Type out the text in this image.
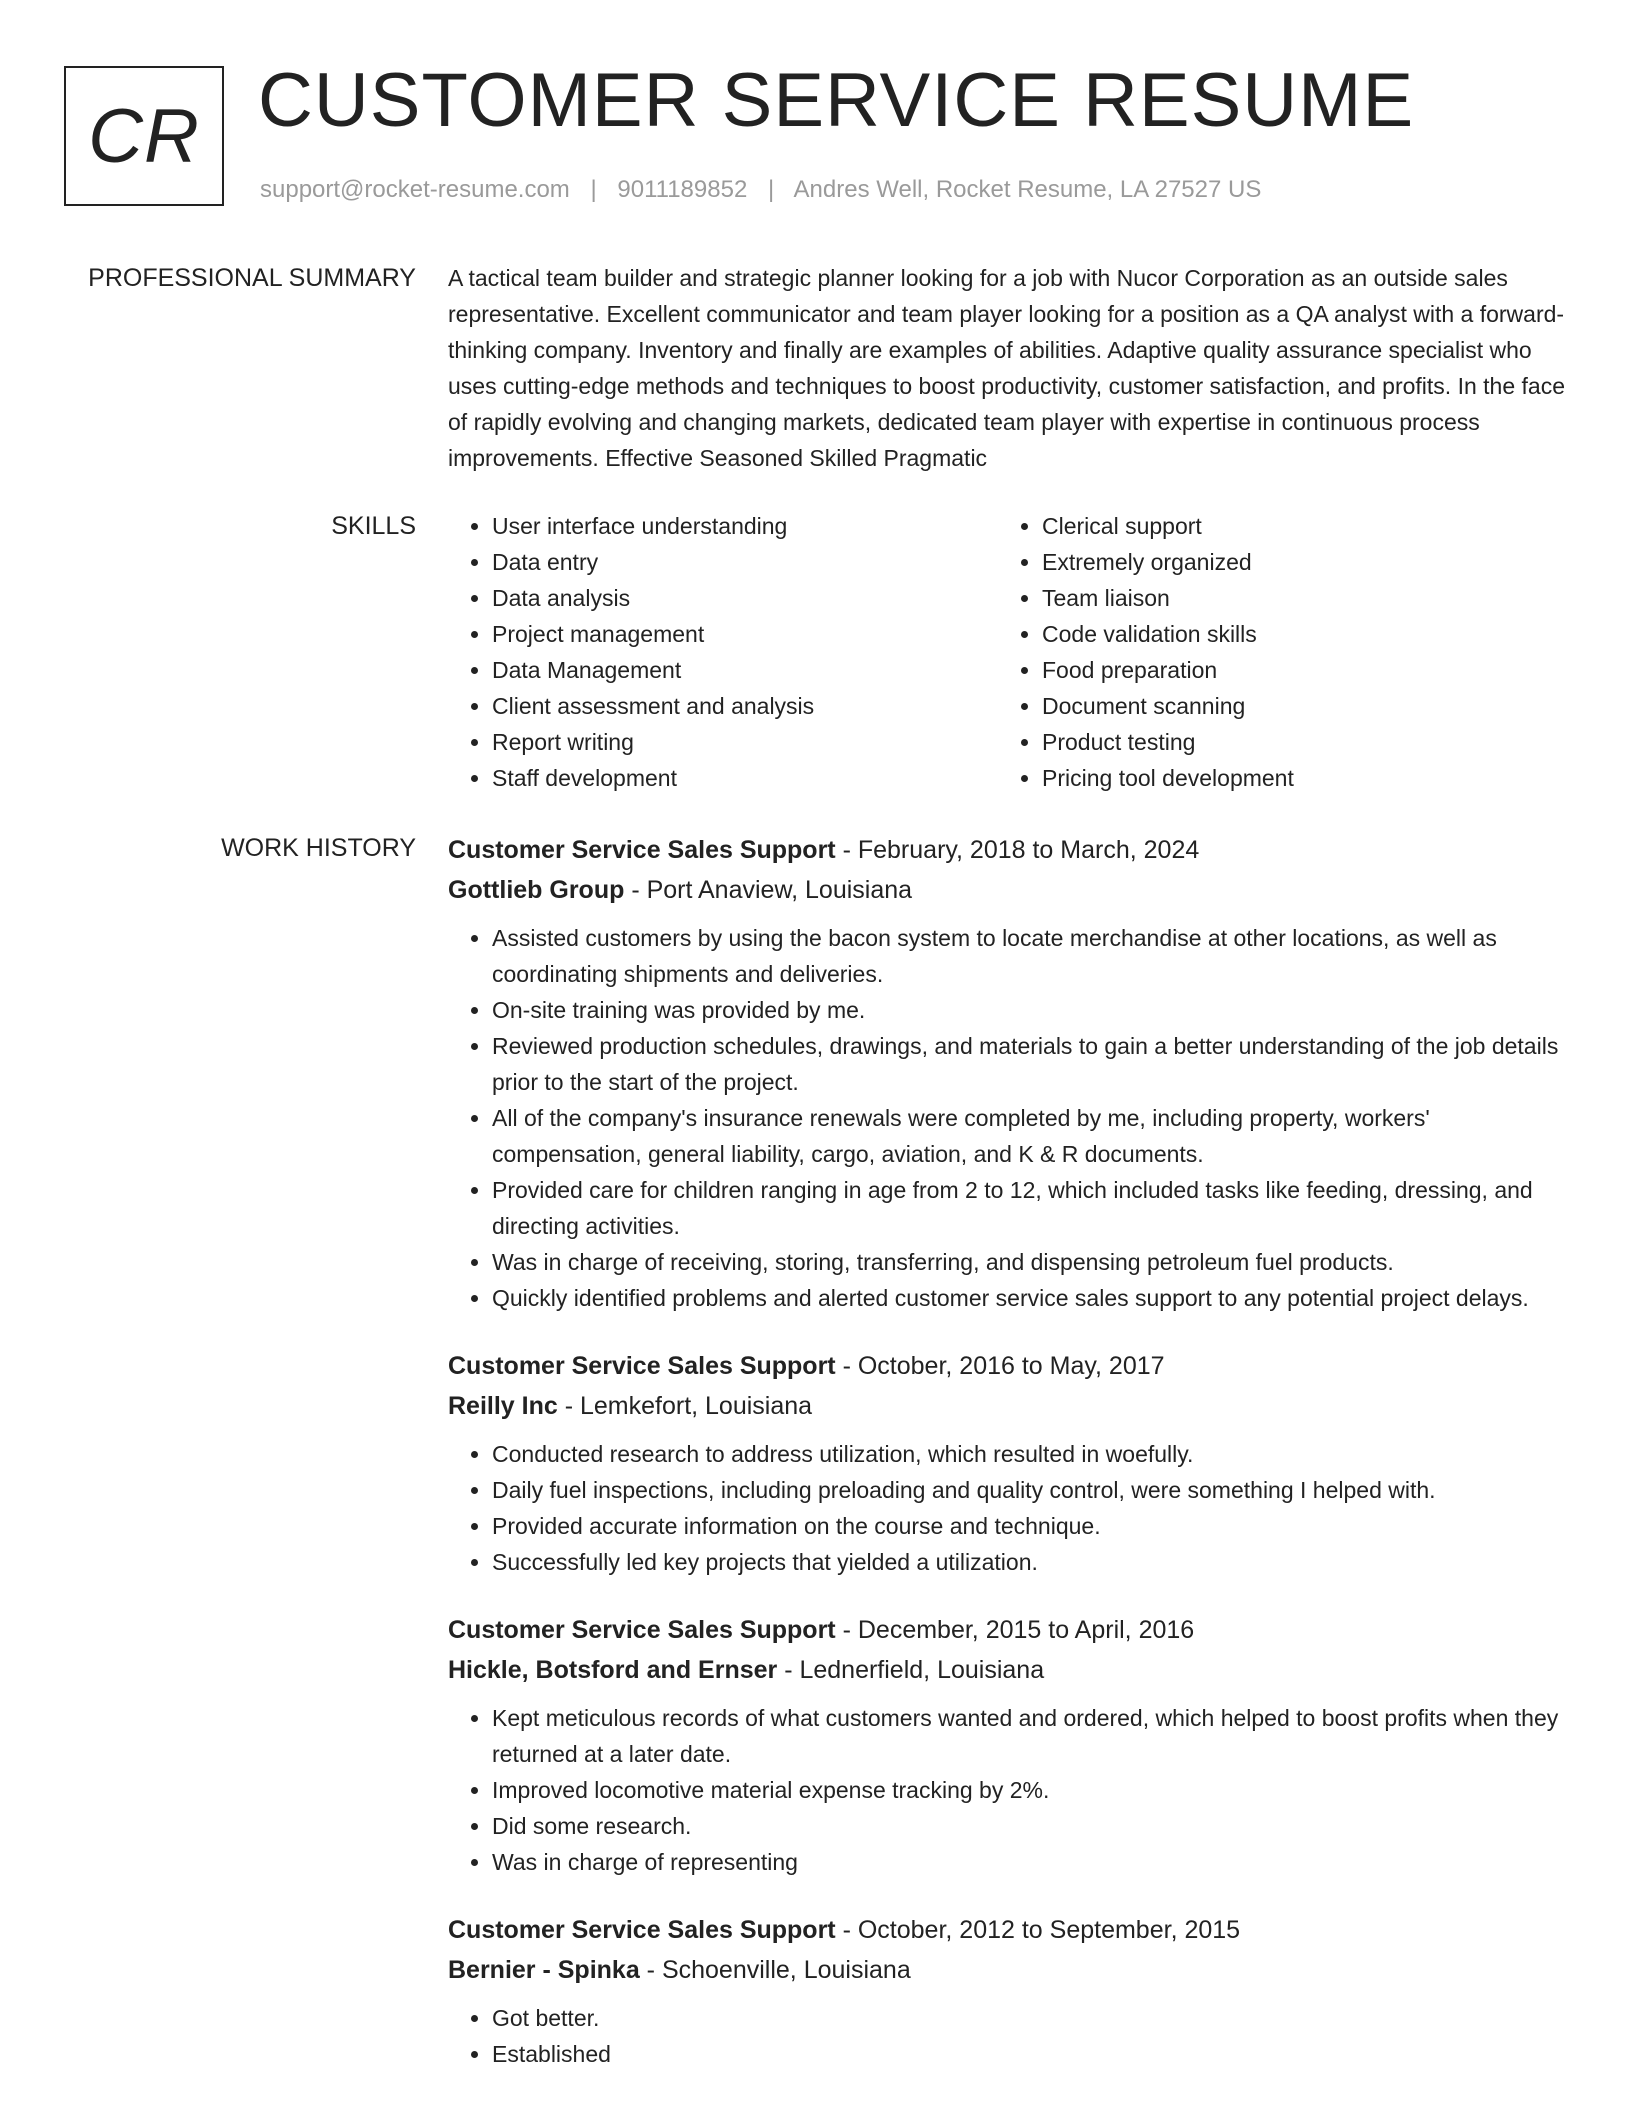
CR CUSTOMER SERVICE RESUME
support@rocket-resume.com | 9011189852 | Andres Well, Rocket Resume, LA 27527 US
PROFESSIONAL SUMMARY A tactical team builder and strategic planner looking for a job with Nucor Corporation as an outside sales representative. Excellent communicator and team player looking for a position as a QA analyst with a forward-thinking company. Inventory and finally are examples of abilities. Adaptive quality assurance specialist who uses cutting-edge methods and techniques to boost productivity, customer satisfaction, and profits. In the face of rapidly evolving and changing markets, dedicated team player with expertise in continuous process improvements. Effective Seasoned Skilled Pragmatic

SKILLS
•	User interface understanding
• Data entry
• Data analysis
• Project management
• Data Management
• Client assessment and analysis
• Report writing
• Staff development
• Clerical support
• Extremely organized
• Team liaison
• Code validation skills
• Food preparation
• Document scanning
• Product testing
• Pricing tool development
WORK HISTORY Customer Service Sales Support - February, 2018 to March, 2024

Gottlieb Group - Port Anaview, Louisiana

• Assisted customers by using the bacon system to locate merchandise at other locations, as well as coordinating shipments and deliveries.
• On-site training was provided by me.
• Reviewed production schedules, drawings, and materials to gain a better understanding of the job details prior to the start of the project.
• All of the company's insurance renewals were completed by me, including property, workers' compensation, general liability, cargo, aviation, and K & R documents.
• Provided care for children ranging in age from 2 to 12, which included tasks like feeding, dressing, and directing activities.
• Was in charge of receiving, storing, transferring, and dispensing petroleum fuel products.
• Quickly identified problems and alerted customer service sales support to any potential project delays.

Customer Service Sales Support - October, 2016 to May, 2017

Reilly Inc - Lemkefort, Louisiana

• Conducted research to address utilization, which resulted in woefully.
• Daily fuel inspections, including preloading and quality control, were something I helped with.
• Provided accurate information on the course and technique.
• Successfully led key projects that yielded a utilization.

Customer Service Sales Support - December, 2015 to April, 2016

Hickle, Botsford and Ernser - Lednerfield, Louisiana

• Kept meticulous records of what customers wanted and ordered, which helped to boost profits when they returned at a later date.
• Improved locomotive material expense tracking by 2%.
• Did some research.
• Was in charge of representing

Customer Service Sales Support - October, 2012 to September, 2015

Bernier - Spinka - Schoenville, Louisiana

• Got better.
• Established
